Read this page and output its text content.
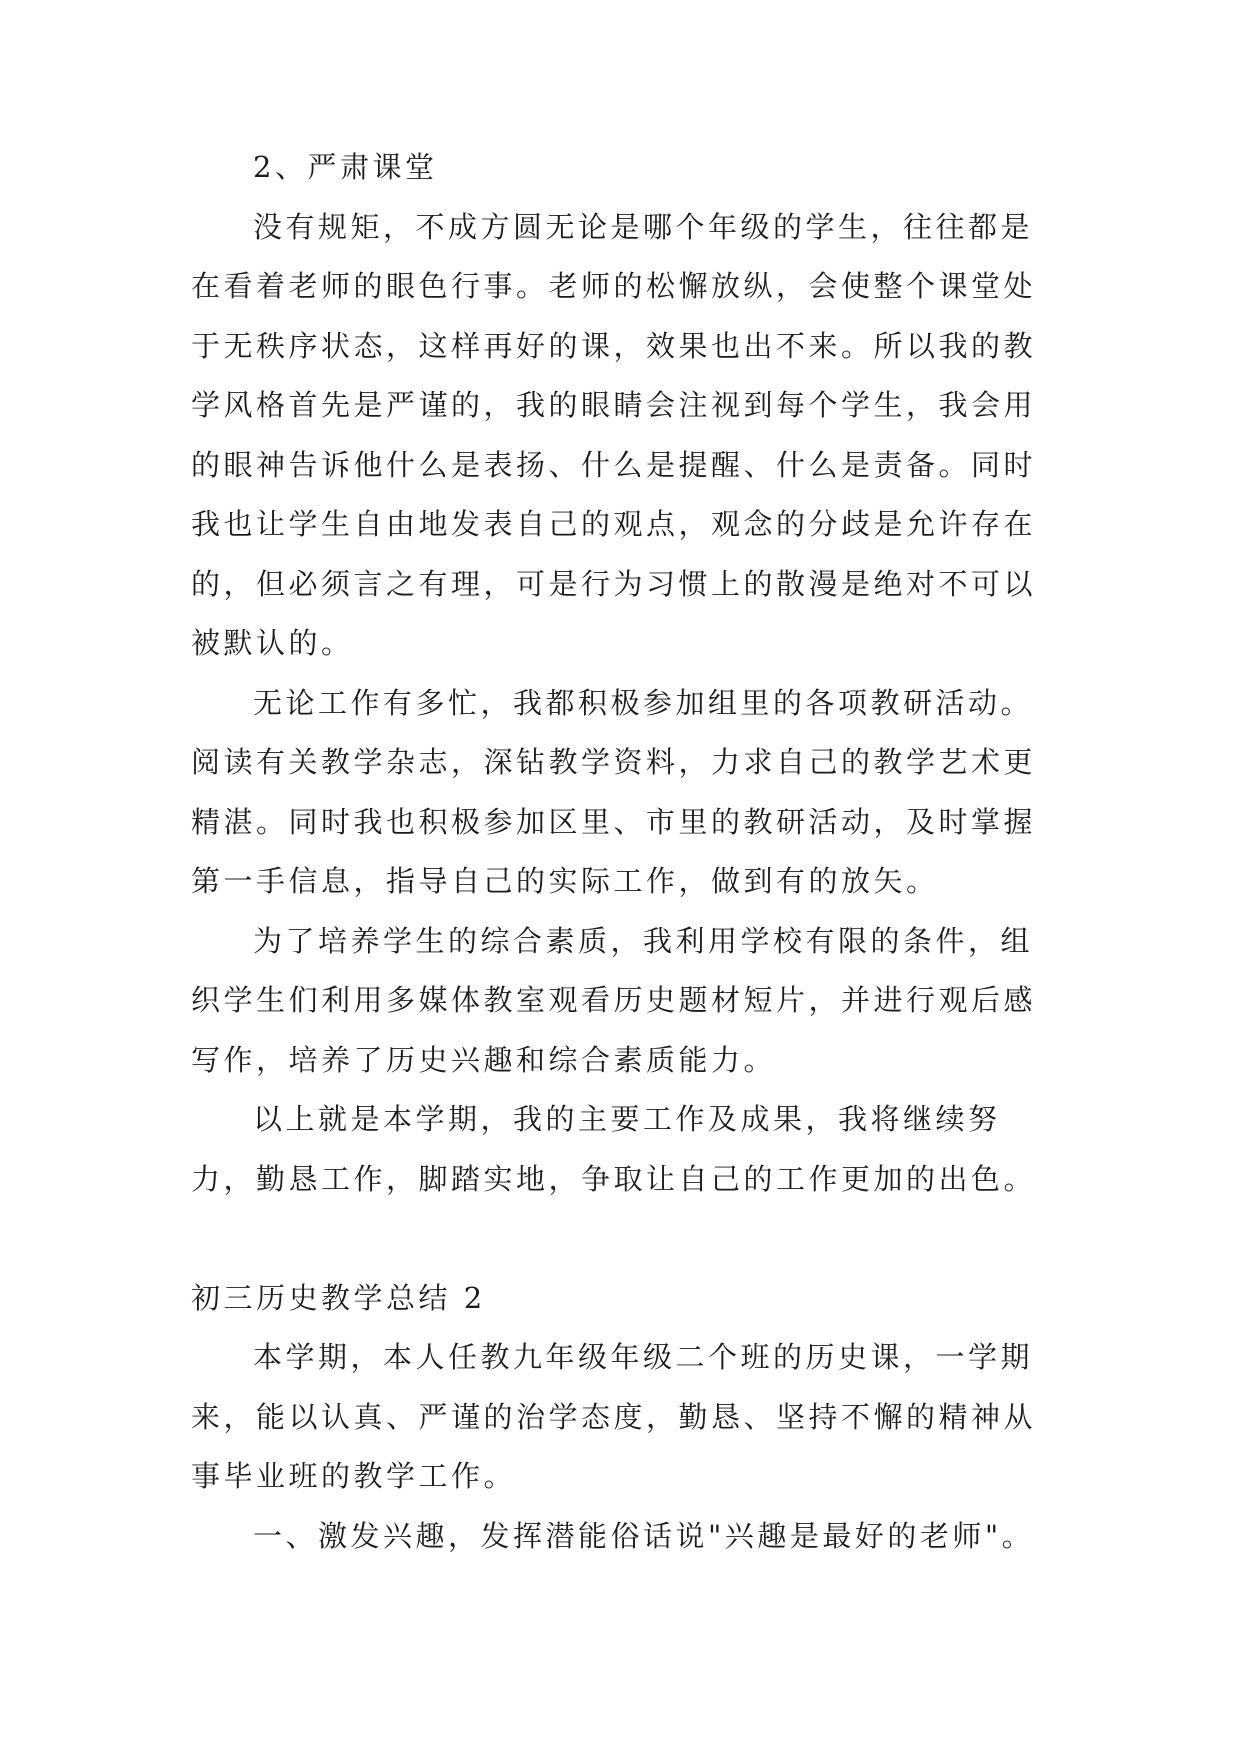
2、严肃课堂

没有规矩，不成方圆无论是哪个年级的学生，往往都是在看着老师的眼色行事。老师的松懈放纵，会使整个课堂处于无秩序状态，这样再好的课，效果也出不来。所以我的教学风格首先是严谨的，我的眼睛会注视到每个学生，我会用的眼神告诉他什么是表扬、什么是提醒、什么是责备。同时我也让学生自由地发表自己的观点，观念的分歧是允许存在的，但必须言之有理，可是行为习惯上的散漫是绝对不可以被默认的。

无论工作有多忙，我都积极参加组里的各项教研活动。阅读有关教学杂志，深钻教学资料，力求自己的教学艺术更精湛。同时我也积极参加区里、市里的教研活动，及时掌握第一手信息，指导自己的实际工作，做到有的放矢。

为了培养学生的综合素质，我利用学校有限的条件，组织学生们利用多媒体教室观看历史题材短片，并进行观后感写作，培养了历史兴趣和综合素质能力。

以上就是本学期，我的主要工作及成果，我将继续努力，勤恳工作，脚踏实地，争取让自己的工作更加的出色。

初三历史教学总结 2

本学期，本人任教九年级年级二个班的历史课，一学期来，能以认真、严谨的治学态度，勤恳、坚持不懈的精神从事毕业班的教学工作。

一、激发兴趣，发挥潜能俗话说"兴趣是最好的老师"。
